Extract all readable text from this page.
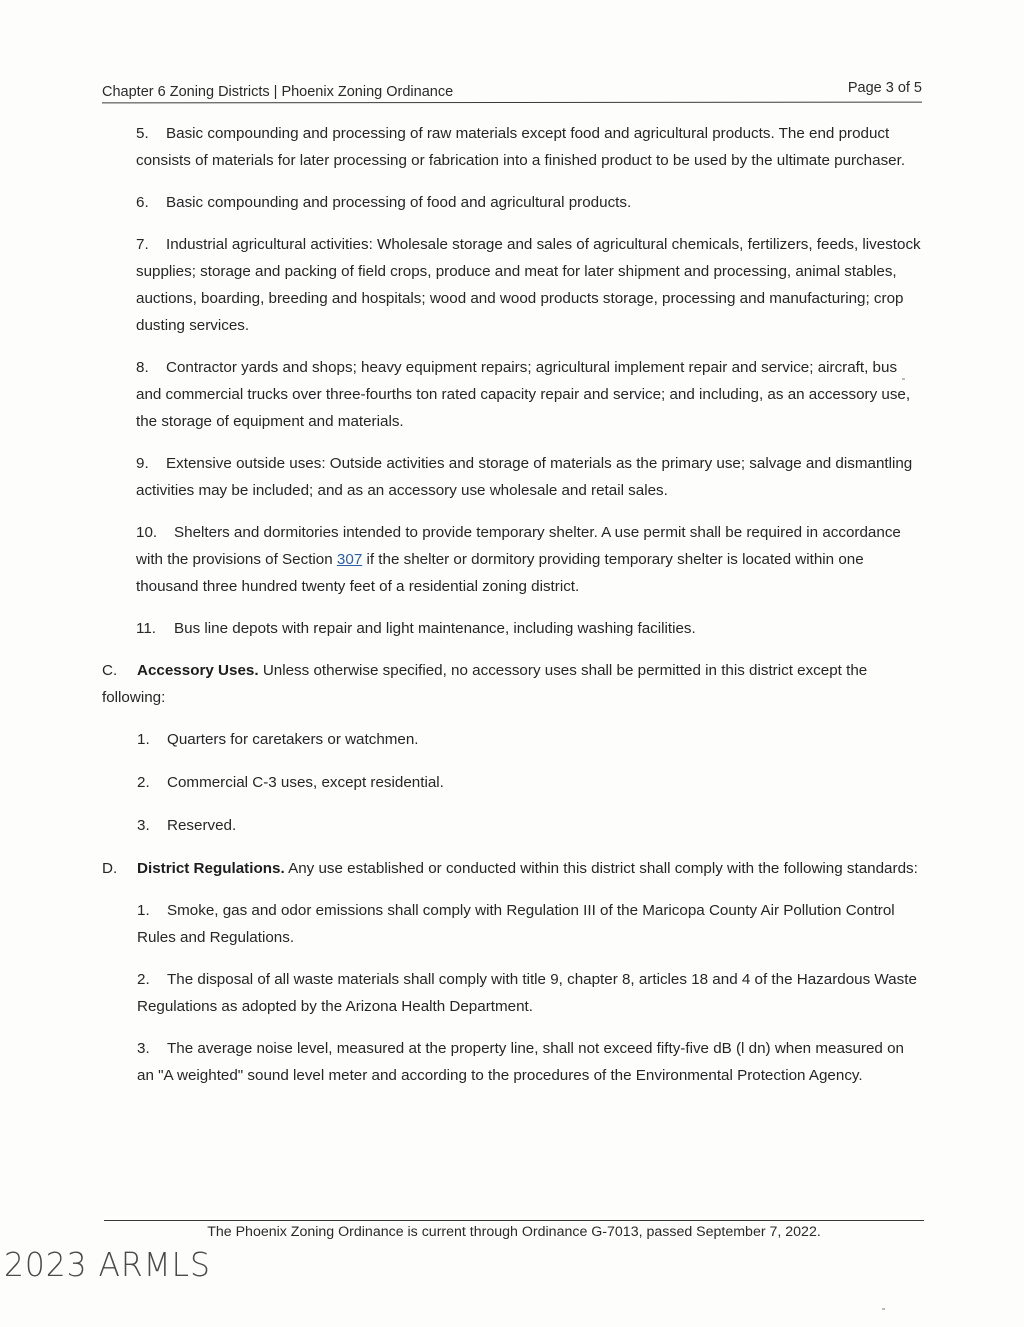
Chapter 6 Zoning Districts | Phoenix Zoning Ordinance	Page 3 of 5

5. Basic compounding and processing of raw materials except food and agricultural products. The end product consists of materials for later processing or fabrication into a finished product to be used by the ultimate purchaser.

6. Basic compounding and processing of food and agricultural products.

7. Industrial agricultural activities: Wholesale storage and sales of agricultural chemicals, fertilizers, feeds, livestock supplies; storage and packing of field crops, produce and meat for later shipment and processing, animal stables, auctions, boarding, breeding and hospitals; wood and wood products storage, processing and manufacturing; crop dusting services.

8. Contractor yards and shops; heavy equipment repairs; agricultural implement repair and service; aircraft, bus and commercial trucks over three-fourths ton rated capacity repair and service; and including, as an accessory use, the storage of equipment and materials.

9. Extensive outside uses: Outside activities and storage of materials as the primary use; salvage and dismantling activities may be included; and as an accessory use wholesale and retail sales.

10. Shelters and dormitories intended to provide temporary shelter. A use permit shall be required in accordance with the provisions of Section 307 if the shelter or dormitory providing temporary shelter is located within one thousand three hundred twenty feet of a residential zoning district.

11. Bus line depots with repair and light maintenance, including washing facilities.

C. Accessory Uses. Unless otherwise specified, no accessory uses shall be permitted in this district except the following:

1. Quarters for caretakers or watchmen.

2. Commercial C-3 uses, except residential.

3. Reserved.

D. District Regulations. Any use established or conducted within this district shall comply with the following standards:

1. Smoke, gas and odor emissions shall comply with Regulation III of the Maricopa County Air Pollution Control Rules and Regulations.

2. The disposal of all waste materials shall comply with title 9, chapter 8, articles 18 and 4 of the Hazardous Waste Regulations as adopted by the Arizona Health Department.

3. The average noise level, measured at the property line, shall not exceed fifty-five dB (l dn) when measured on an "A weighted" sound level meter and according to the procedures of the Environmental Protection Agency.

The Phoenix Zoning Ordinance is current through Ordinance G-7013, passed September 7, 2022.
2023 ARMLS
